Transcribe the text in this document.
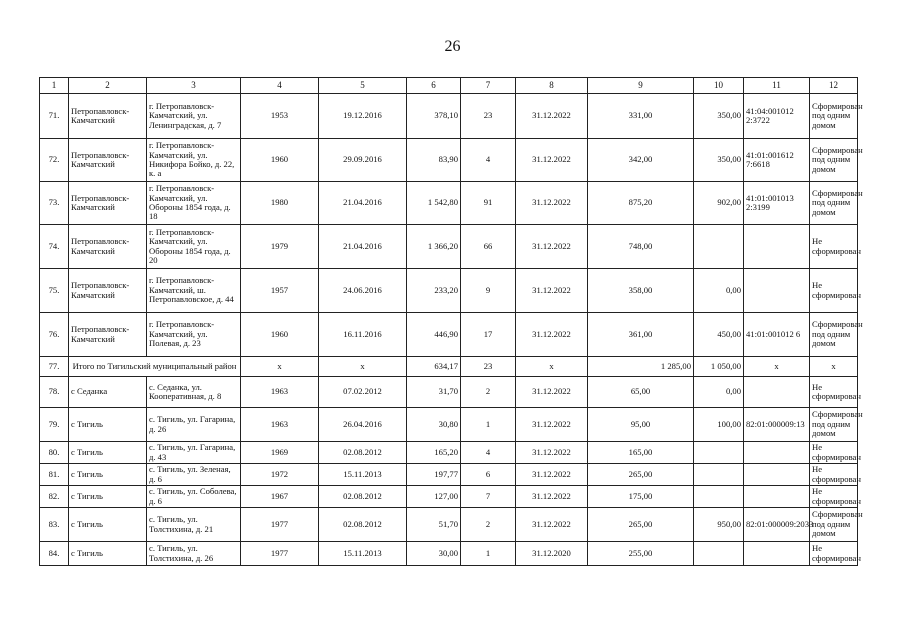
26
1	2	3	4	5	6	7	8	9	10	11	12
71.	Петропавловск-Камчатский	г. Петропавловск-Камчатский, ул. Ленинградская, д. 7	1953	19.12.2016	378,10	23	31.12.2022	331,00	350,00	41:04:001012 2:3722	Сформирован под одним домом
72.	Петропавловск-Камчатский	г. Петропавловск-Камчатский, ул. Никифора Бойко, д. 22, к. а	1960	29.09.2016	83,90	4	31.12.2022	342,00	350,00	41:01:001612 7:6618	Сформирован под одним домом
73.	Петропавловск-Камчатский	г. Петропавловск-Камчатский, ул. Обороны 1854 года, д. 18	1980	21.04.2016	1 542,80	91	31.12.2022	875,20	902,00	41:01:001013 2:3199	Сформирован под одним домом
74.	Петропавловск-Камчатский	г. Петропавловск-Камчатский, ул. Обороны 1854 года, д. 20	1979	21.04.2016	1 366,20	66	31.12.2022	748,00			Не сформирован
75.	Петропавловск-Камчатский	г. Петропавловск-Камчатский, ш. Петропавловское, д. 44	1957	24.06.2016	233,20	9	31.12.2022	358,00	0,00		Не сформирован
76.	Петропавловск-Камчатский	г. Петропавловск-Камчатский, ул. Полевая, д. 23	1960	16.11.2016	446,90	17	31.12.2022	361,00	450,00	41:01:001012 6	Сформирован под одним домом
77.	Итого по Тигильский муниципальный район		x	x	634,17	23	x	1 285,00	1 050,00	x	x
78.	с Седанка	с. Седанка, ул. Кооперативная, д. 8	1963	07.02.2012	31,70	2	31.12.2022	65,00	0,00		Не сформирован
79.	с Тигиль	с. Тигиль, ул. Гагарина, д. 26	1963	26.04.2016	30,80	1	31.12.2022	95,00	100,00	82:01:000009:13	Сформирован под одним домом
80.	с Тигиль	с. Тигиль, ул. Гагарина, д. 43	1969	02.08.2012	165,20	4	31.12.2022	165,00			Не сформирован
81.	с Тигиль	с. Тигиль, ул. Зеленая, д. 6	1972	15.11.2013	197,77	6	31.12.2022	265,00			Не сформирован
82.	с Тигиль	с. Тигиль, ул. Соболева, д. 6	1967	02.08.2012	127,00	7	31.12.2022	175,00			Не сформирован
83.	с Тигиль	с. Тигиль, ул. Толстихина, д. 21	1977	02.08.2012	51,70	2	31.12.2022	265,00	950,00	82:01:000009:2033	Сформирован под одним домом
84.	с Тигиль	с. Тигиль, ул. Толстихина, д. 26	1977	15.11.2013	30,00	1	31.12.2020	255,00			Не сформирован
